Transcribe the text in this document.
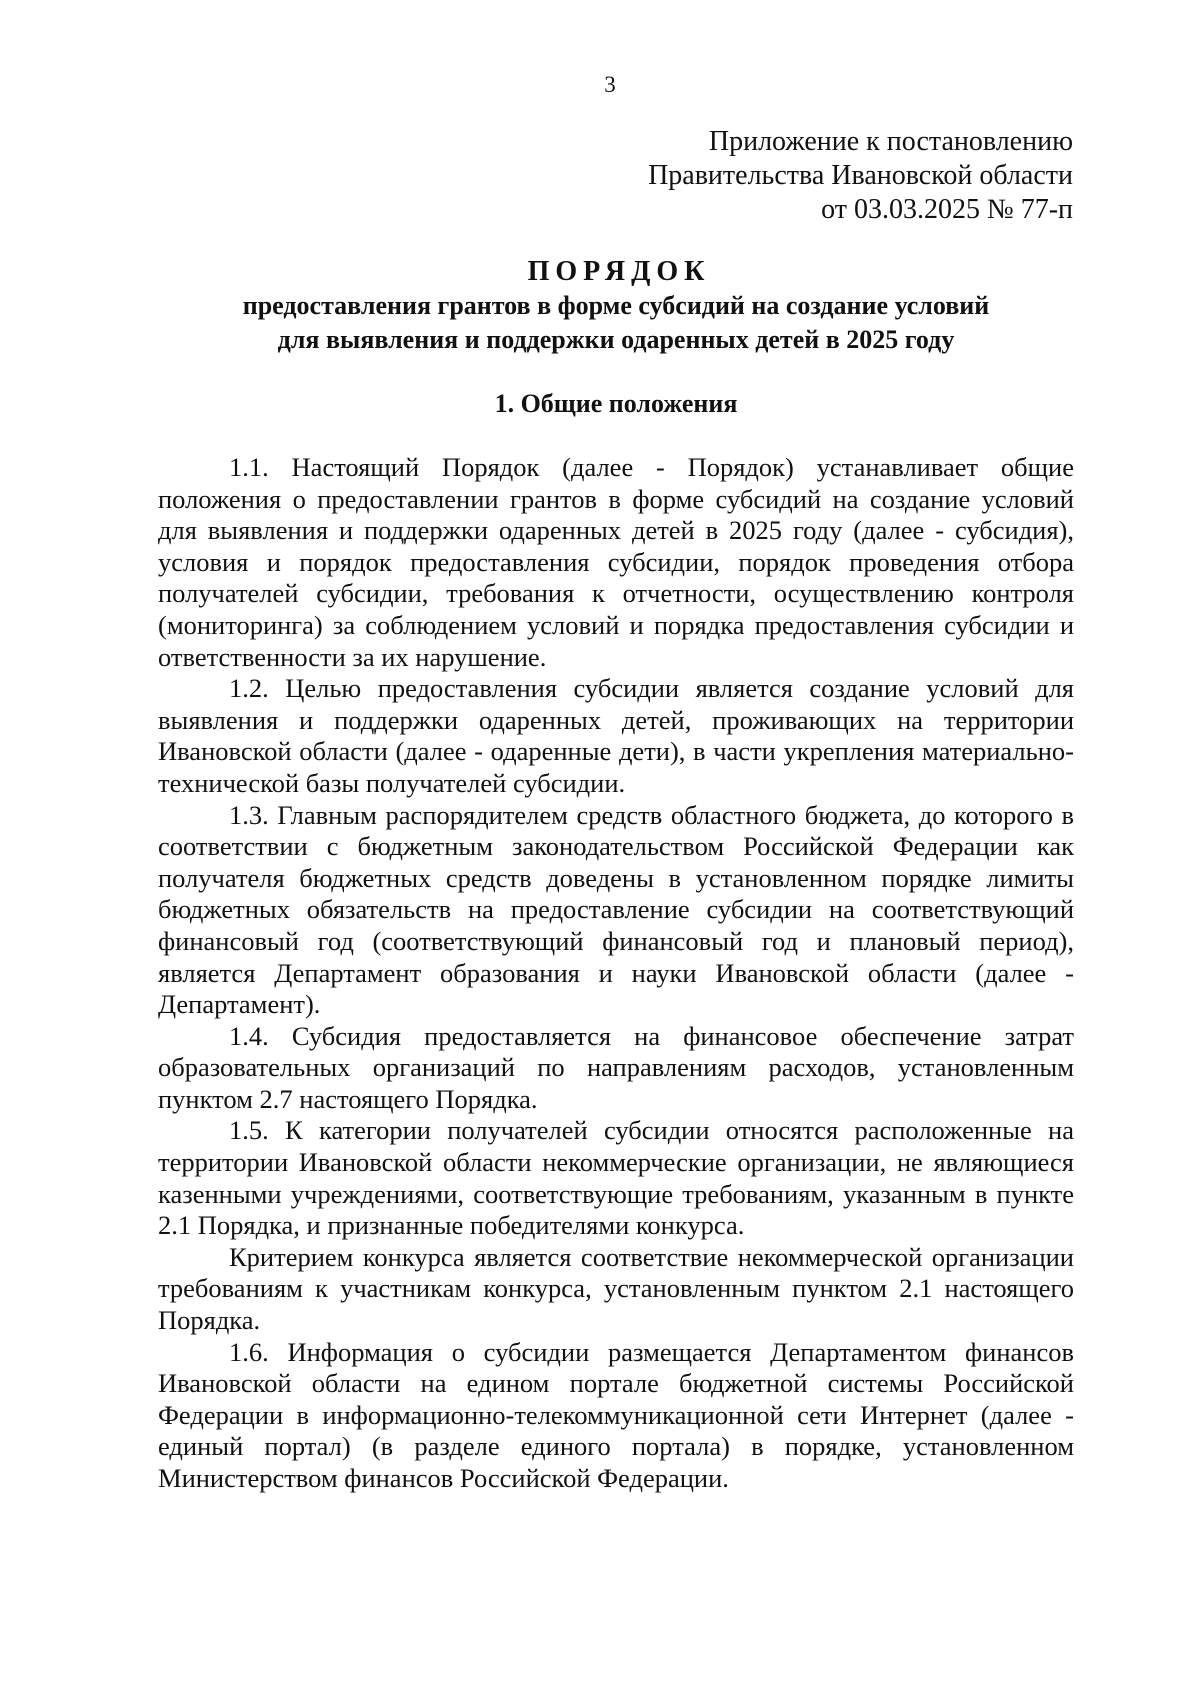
3
Приложение к постановлению
Правительства Ивановской области
от 03.03.2025 № 77-п
ПОРЯДОК
предоставления грантов в форме субсидий на создание условий
для выявления и поддержки одаренных детей в 2025 году
1. Общие положения

1.1. Настоящий Порядок (далее - Порядок) устанавливает общие положения о предоставлении грантов в форме субсидий на создание условий для выявления и поддержки одаренных детей в 2025 году (далее - субсидия), условия и порядок предоставления субсидии, порядок проведения отбора получателей субсидии, требования к отчетности, осуществлению контроля (мониторинга) за соблюдением условий и порядка предоставления субсидии и ответственности за их нарушение.

1.2. Целью предоставления субсидии является создание условий для выявления и поддержки одаренных детей, проживающих на территории Ивановской области (далее - одаренные дети), в части укрепления материально-технической базы получателей субсидии.

1.3. Главным распорядителем средств областного бюджета, до которого в соответствии с бюджетным законодательством Российской Федерации как получателя бюджетных средств доведены в установленном порядке лимиты бюджетных обязательств на предоставление субсидии на соответствующий финансовый год (соответствующий финансовый год и плановый период), является Департамент образования и науки Ивановской области (далее - Департамент).

1.4. Субсидия предоставляется на финансовое обеспечение затрат образовательных организаций по направлениям расходов, установленным пунктом 2.7 настоящего Порядка.

1.5. К категории получателей субсидии относятся расположенные на территории Ивановской области некоммерческие организации, не являющиеся казенными учреждениями, соответствующие требованиям, указанным в пункте 2.1 Порядка, и признанные победителями конкурса.

Критерием конкурса является соответствие некоммерческой организации требованиям к участникам конкурса, установленным пунктом 2.1 настоящего Порядка.

1.6. Информация о субсидии размещается Департаментом финансов Ивановской области на едином портале бюджетной системы Российской Федерации в информационно-телекоммуникационной сети Интернет (далее - единый портал) (в разделе единого портала) в порядке, установленном Министерством финансов Российской Федерации.
